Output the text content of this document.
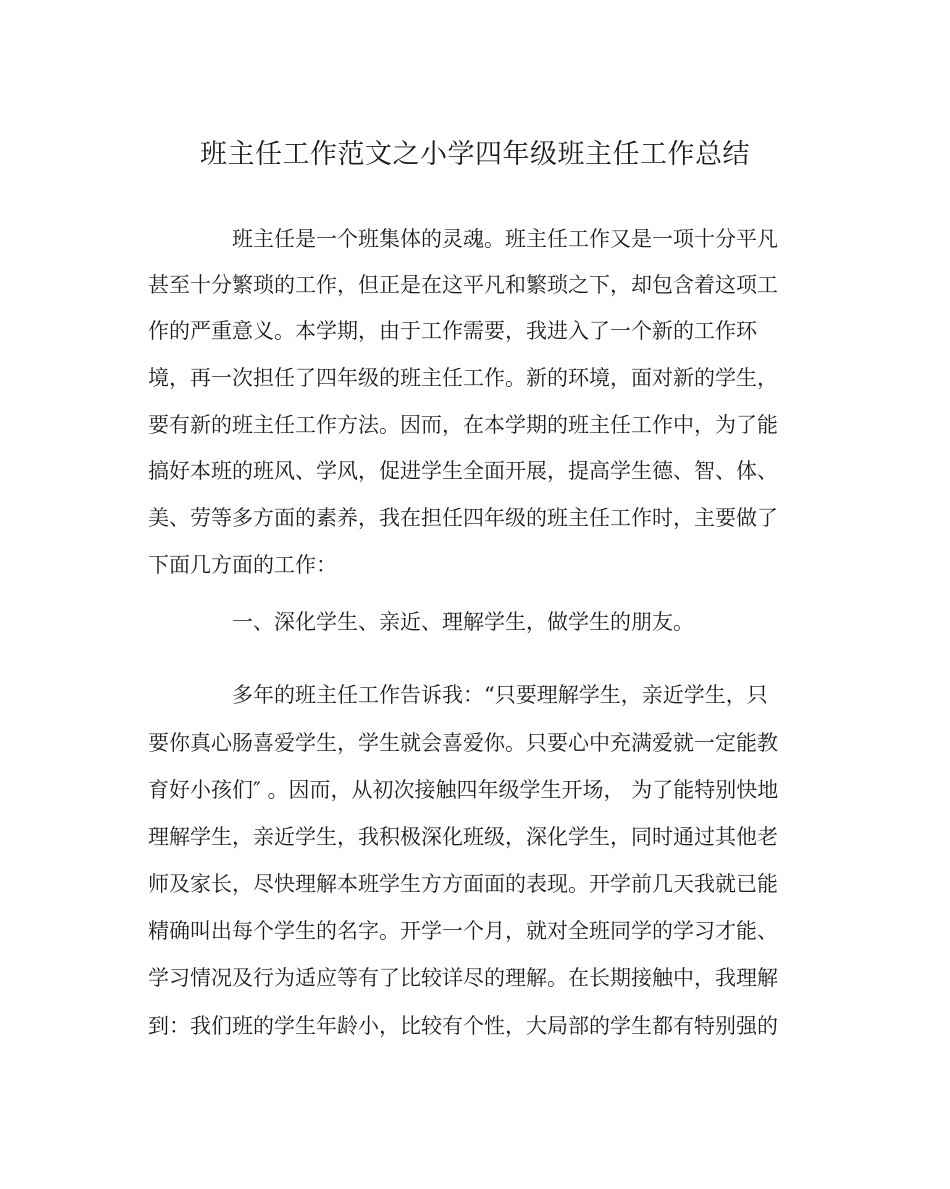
班主任工作范文之小学四年级班主任工作总结
班主任是一个班集体的灵魂。班主任工作又是一项十分平凡
甚至十分繁琐的工作，但正是在这平凡和繁琐之下，却包含着这项工
作的严重意义。本学期，由于工作需要，我进入了一个新的工作环
境，再一次担任了四年级的班主任工作。新的环境，面对新的学生，
要有新的班主任工作方法。因而，在本学期的班主任工作中，为了能
搞好本班的班风、学风，促进学生全面开展，提高学生德、智、体、
美、劳等多方面的素养，我在担任四年级的班主任工作时，主要做了
下面几方面的工作：
一、深化学生、亲近、理解学生，做学生的朋友。
多年的班主任工作告诉我：“只要理解学生，亲近学生，只
要你真心肠喜爱学生，学生就会喜爱你。只要心中充满爱就一定能教
育好小孩们″ 。因而，从初次接触四年级学生开场， 为了能特别快地
理解学生，亲近学生，我积极深化班级，深化学生，同时通过其他老
师及家长，尽快理解本班学生方方面面的表现。开学前几天我就已能
精确叫出每个学生的名字。开学一个月，就对全班同学的学习才能、
学习情况及行为适应等有了比较详尽的理解。在长期接触中，我理解
到：我们班的学生年龄小，比较有个性，大局部的学生都有特别强的
